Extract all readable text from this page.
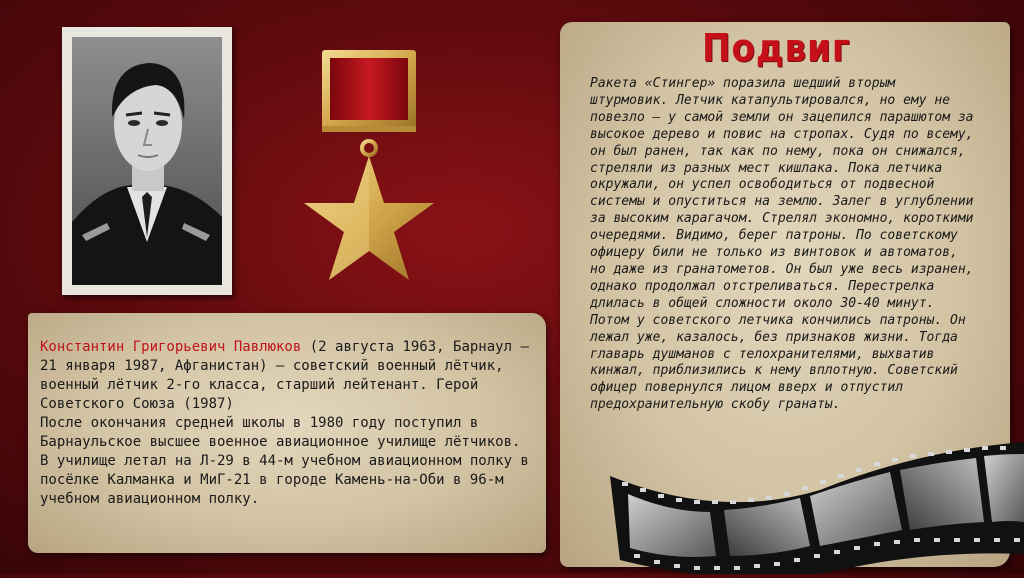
Константин Григорьевич Павлюков (2 августа 1963, Барнаул — 21 января 1987, Афганистан) — советский военный лётчик, военный лётчик 2-го класса, старший лейтенант. Герой Советского Союза (1987)
После окончания средней школы в 1980 году поступил в Барнаульское высшее военное авиационное училище лётчиков. В училище летал на Л-29 в 44-м учебном авиационном полку в посёлке Калманка и МиГ-21 в городе Камень-на-Оби в 96-м учебном авиационном полку.
Подвиг

Ракета «Стингер» поразила шедший вторым штурмовик. Летчик катапультировался, но ему не повезло — у самой земли он зацепился парашютом за высокое дерево и повис на стропах. Судя по всему, он был ранен, так как по нему, пока он снижался, стреляли из разных мест кишлака. Пока летчика окружали, он успел освободиться от подвесной системы и опуститься на землю. Залег в углублении за высоким карагачом. Стрелял экономно, короткими очередями. Видимо, берег патроны. По советскому офицеру били не только из винтовок и автоматов, но даже из гранатометов. Он был уже весь изранен, однако продолжал отстреливаться. Перестрелка длилась в общей сложности около 30-40 минут. Потом у советского летчика кончились патроны. Он лежал уже, казалось, без признаков жизни. Тогда главарь душманов с телохранителями, выхватив кинжал, приблизились к нему вплотную. Советский офицер повернулся лицом вверх и отпустил предохранительную скобу гранаты.
